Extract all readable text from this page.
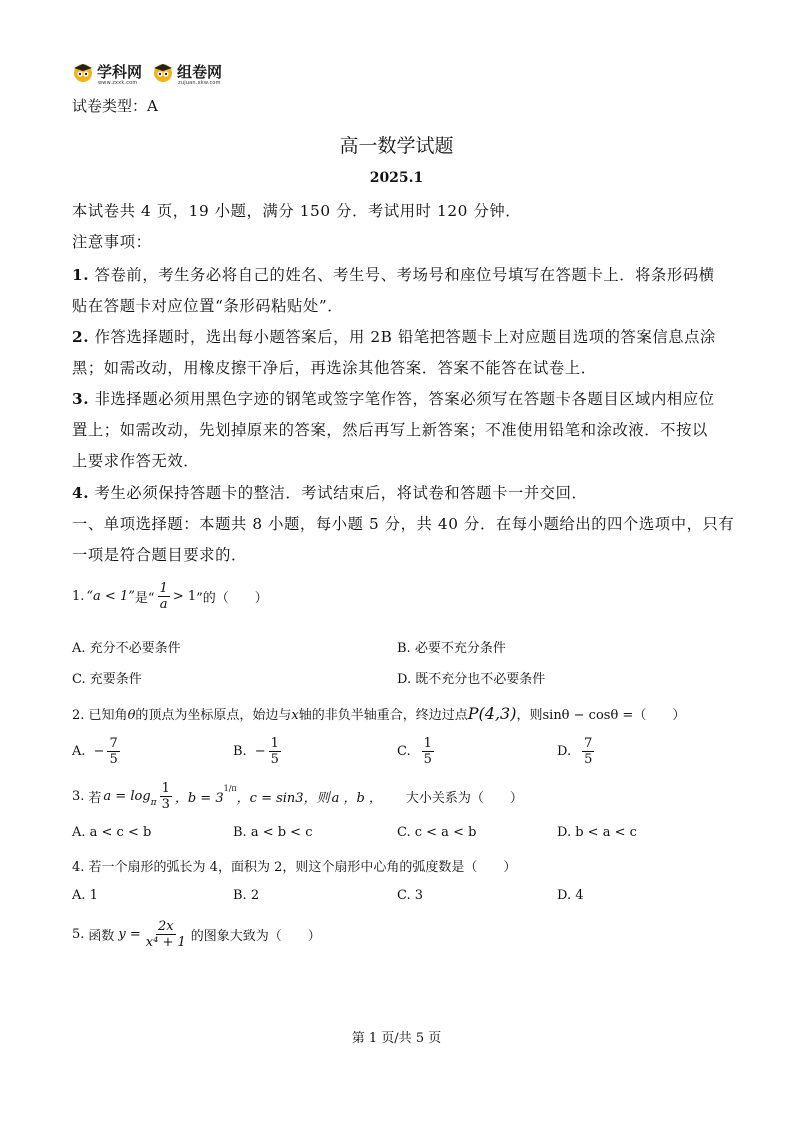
学科网
www.zxxk.com
组卷网
zujuan.xkw.com
试卷类型：A
高一数学试题
2025.1
本试卷共 4 页，19 小题，满分 150 分．考试用时 120 分钟．
注意事项：
1. 答卷前，考生务必将自己的姓名、考生号、考场号和座位号填写在答题卡上．将条形码横
贴在答题卡对应位置“条形码粘贴处”．
2. 作答选择题时，选出每小题答案后，用 2B 铅笔把答题卡上对应题目选项的答案信息点涂
黑；如需改动，用橡皮擦干净后，再选涂其他答案．答案不能答在试卷上．
3. 非选择题必须用黑色字迹的钢笔或签字笔作答，答案必须写在答题卡各题目区域内相应位
置上；如需改动，先划掉原来的答案，然后再写上新答案；不准使用铅笔和涂改液．不按以
上要求作答无效．
4. 考生必须保持答题卡的整洁．考试结束后，将试卷和答题卡一并交回．
一、单项选择题：本题共 8 小题，每小题 5 分，共 40 分．在每小题给出的四个选项中，只有
一项是符合题目要求的．
1. “a < 1” 是“ $\frac{1}{a} > 1$ ”的（　　）
A. 充分不必要条件	B. 必要不充分条件
C. 充要条件	D. 既不充分也不必要条件
2. 已知角θ的顶点为坐标原点，始边与x轴的非负半轴重合，终边过点P(4,3)，则sinθ − cosθ =（　　）
A. − $\frac{7}{5}$	B. − $\frac{1}{5}$	C. $\frac{1}{5}$	D. $\frac{7}{5}$
3. 若 a = log π $\frac{1}{3}$ ，b = 3
1/π
，c = sin3，则 a ，b ， 大小关系为（　　）
A. a < c < b	B. a < b < c	C. c < a < b	D. b < a < c
4. 若一个扇形的弧长为 4，面积为 2，则这个扇形中心角的弧度数是（　　）
A. 1	B. 2	C. 3	D. 4
5. 函数 $y = \frac{2x}{\text{x⁴ + 1}}$ 的图象大致为（　　）
第 1 页/共 5 页
